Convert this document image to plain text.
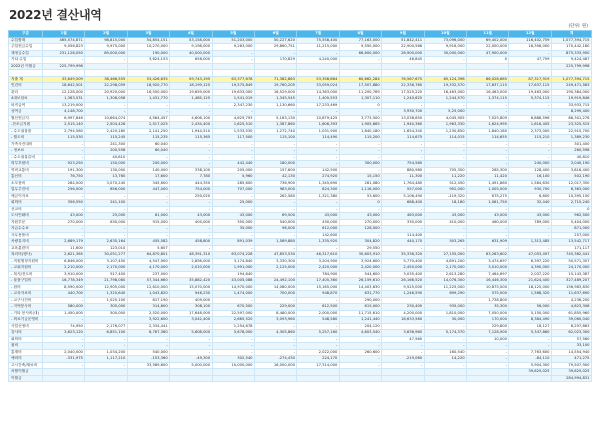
2022년 결산내역
(단위: 원)
구분	1월	2월	3월	4월	5월	6월	7월	8월	9월	10월	11월	12월	계
수입합계	465,574,871	98,815,000	54,854,151	53,158,000	51,203,000	50,227,620	75,558,400	77,163,000	51,842,411	73,096,000	69,402,000	116,402,759	1,077,394,715
주일헌금수입	9,056,823	9,975,000	10,270,000	9,198,000	9,263,000	29,860,751	11,215,000	9,550,000	22,900,566	9,916,000	22,000,000	16,356,000	170,442,180
재정금수입	231,126,050	89,000,000	190,000	40,000,000	-	-	-	66,600,000	28,900,000	30,000,000	47,900,000	-	875,333,950
기타 수입	-	-	3,624,153	656,000	-	170,829	4,240,000	-	46,845	-	0	47,759	9,424,487
2022년 이월금	225,799,998												225,799,998

지출 계	33,649,509	38,466,555	53,426,635	59,743,195	63,377,678	71,382,863	53,358,864	60,662,284	76,567,675	65,124,398	66,028,665	87,317,919	1,077,394,715
인건비	18,642,501	22,298,059	18,920,770	18,199,125	19,575,849	19,760,205	33,059,024	17,507,880	22,336,760	19,332,570	17,637,115	17,637,115	249,471,583
관리	12,128,000	20,920,000	16,550,000	19,659,000	19,633,000	16,529,000	14,363,000	11,200,769	17,525,220	16,463,000	16,463,000	19,463,000	190,384,000
4대보험료	1,363,531	1,308,058	1,431,770	1,485,125	1,541,019	1,345,545	1,405,553	1,307,110	1,240,625	1,244,570	1,374,115	5,374,115	19,919,846
퇴직급여	13,219,000	-	-	-	2,347,230	1,130,660	17,233,469	0	-	-	-	-	33,933,715
상여금	4,148,700	-	-	-	-	-	-	-	3,930,700	5,25,000	-	-	8,299,400
월선헌금지	6,997,846	10,664,074	4,564,457	4,606,100	4,625,793	5,163,130	10,879,425	3,773,500	13,038,650	4,045,905	7,025,809	6,886,596	86,301,276
-찬조금지원	2,515,140	2,504,428	2,517,025	2,434,400	1,625,510	1,387,860	1,606,393	1,905,665	1,940,360	1,963,330	1,624,995	1,616,405	23,325,515
- 수도권물품	2,794,560	2,420,180	2,141,250	1,944,510	1,533,530	1,272,740	1,031,900	1,840,180	1,654,340	1,230,850	1,840,180	2,373,000	22,915,700
- 월도비	115,530	115,245	115,235	115,365	117,500	115,100	114,490	115,200	114,675	114,015	114,655	115,210	1,389,230
가족사진대비	-	241,300	60,040	-	-	-	-	-	-	-	-	-	301,400
- 정보료	-	200,558	60,040	-	-	-	-	-	-	-	-	-	260,598
- 수도권물류비	-	40,810	-	-	-	-	-	-	-	-	-	-	40,810
외부후원비	923,250	150,000	200,000	-	442,440	180,000	-	300,000	754,580	-	-	240,000	3,040,190
여비교통비	191,300	130,000	140,000	338,100	205,000	157,600	142,500	-	880,980	705,300	285,300	128,400	3,816,400
통신비	76,750	13,760	17,600	7,780	5,960	42,130	274,920	15,150	11,300	11,220	11,420	16,100	502,190
소모품비	284,000	3,070,240	345,600	444,350	285,600	736,900	1,345,690	281,080	1,764,480	512,450	1,491,860	1,584,630	12,017,350
업무추진비	256,000	856,000	447,000	754,000	707,000	983,000	824,300	1,116,000	557,000	952,000	1,005,000	930,700	8,363,000
예금이자료	-	-	-	250,020	-	262,580	1,321,380	53,600	5,106,490	-119,320	675,275	6,600	10,395,150
회의비	356,550	241,100	-	-	25,000	-	-	0	688,400	18,180	1,061,750	32,440	2,715,240
선교비	-	-	-	-	-	-	-	-	-	-	-	-	0
도서인쇄비	43,000	25,000	61,000	43,000	43,000	69,500	43,000	43,000	463,000	43,000	43,000	43,000	962,500
지원부문	270,000	630,000	915,000	400,000	350,000	540,000	450,000	270,000	330,000	410,000	460,000	789,000	5,404,000
지급수수료	-	-	-	-	35,000	96,000	612,000	128,000	-	-	-	-	871,000
사무용품비	-	-	-	-	-	-	142,600	-	114,400	-	-	-	257,000
차량유지비	2,689,179	2,635,164	455,582	458,800	891,039	1,589,880	1,335,920	304,820	440,170	503,265	631,909	1,313,485	13,542,717
교육훈련비	11,600	123,010	5,607	-	-	-	-	29,550	-	-	-	-	171,117
복리비(행사)	2,621,365	30,051,277	64,870,801	48,391,310	63,074,228	47,853,530	46,317,610	30,603,910	35,336,320	27,155,000	63,263,602	47,053,497	745,382,441
- 직원행정지원비	6,846,000	3,107,450	4,547,900	2,856,000	3,174,840	3,330,300	3,204,900	3,924,600	5,770,400	4,891,200	3,474,697	6,397,220	50,571,357
- 교회지원비	2,210,000	2,170,000	4,170,000	2,010,000	1,991,000	2,125,000	2,420,000	2,420,000	2,450,000	2,170,000	3,010,000	4,390,000	24,170,000
- 복지/전도비	3,910,000	917,400	237,000	-	194,640	-	784,900	544,600	3,035,400	2,613,280	7,464,697	2,037,220	15,143,387
- 물품구입비	16,778,349	21,798,080	57,344,660	35,882,420	43,005,088	24,492,100	17,405,360	26,159,610	26,166,520	14,076,300	16,446,300	21,624,400	327,489,207
- 잡비	8,590,000	12,905,000	12,610,000	15,070,000	14,970,000	14,080,000	15,165,000	14,403,830	9,525,000	11,225,000	10,875,000	18,125,000	156,983,830
- 교육자료비	440,700	1,325,640	1,043,820	946,230	1,474,000	700,000	948,870	631,770	1,246,590	699,290	575,000	1,568,320	11,637,690
- 교구사진비	-	1,025,100	817,190	409,000	-	-	-	290,000	-	-	1,738,800	-	4,236,200
- 지역봉사비	580,000	305,000	314,600	308,100	670,500	229,000	612,500	615,000	230,400	935,000	35,300	56,000	4,623,306
- 기타 봉사비(대)	1,450,000	500,000	2,520,000	17,648,000	22,597,000	8,480,000	2,000,000	11,715,610	4,200,000	1,810,000	7,050,000	5,150,000	61,855,960
- 외료기금운영비	-	-	3,922,600	3,042,400	2,665,520	3,093,960	548,580	1,241,440	18,633,560	30,000	170,000	8,384,490	39,060,040
사업선정비	74,950	2,176,077	2,334,441	-	1,254,678	-	-	204,120	-	-	229,800	18,127	6,297,863
감사비	3,623,120	6,851,100	6,767,360	5,608,000	5,678,000	4,305,860	5,257,160	4,603,540	3,636,960	5,174,370	7,128,900	5,347,860	62,023,300
회의비	-	-	-	-	-	-	-	-	47,560	-	10,000	-	57,560
잡비	-	-	-	-	-	-	-	-	-	-	-	-	33,100
통계비	2,040,000	1,034,200	540,000	-	-	-	2,022,000	260,600	-	160,540	-	7,763,600	14,554,940
예비비	-331,975	1,117,210	-153,360	-49,300	302,540	-274,430	224,170	-	-219,060	14,220	-	-84,110	471,275
고시간축/재료비	-	-	33,589,600	5,000,000	10,000,000	16,000,000	17,314,000	-	-	-	-	5,904,300	79,507,900
차월이월금												39,625,025	39,625,025
이월금													284,994,831
